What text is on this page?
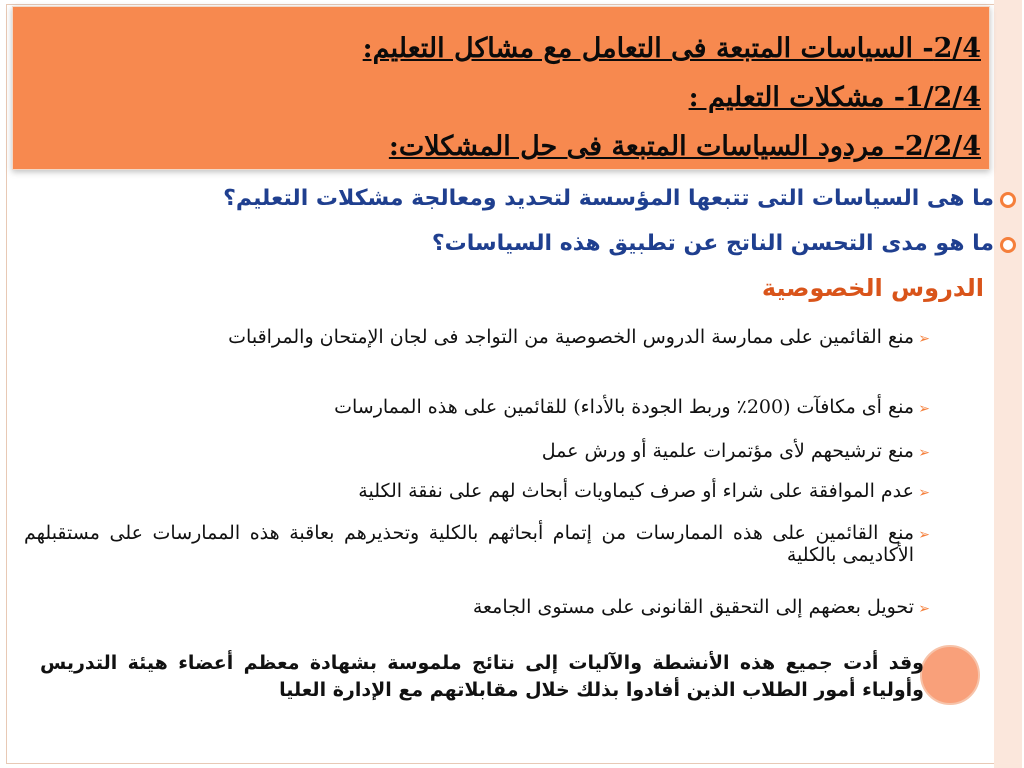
2/4- السياسات المتبعة فى التعامل مع مشاكل التعليم:
1/2/4- مشكلات التعليم :
2/2/4- مردود السياسات المتبعة فى حل المشكلات:
ما هى السياسات التى تتبعها المؤسسة لتحديد ومعالجة مشكلات التعليم؟
ما هو مدى التحسن الناتج عن تطبيق هذه السياسات؟
الدروس الخصوصية
➢
منع القائمين على ممارسة الدروس الخصوصية من التواجد فى لجان الإمتحان والمراقبات
➢
منع أى مكافآت (200٪ وربط الجودة بالأداء) للقائمين على هذه الممارسات
➢
منع ترشيحهم لأى مؤتمرات علمية أو ورش عمل
➢
عدم الموافقة على شراء أو صرف كيماويات أبحاث لهم على نفقة الكلية
➢
منع القائمين على هذه الممارسات من إتمام أبحاثهم بالكلية وتحذيرهم بعاقبة هذه الممارسات على مستقبلهم الأكاديمى بالكلية
➢
تحويل بعضهم إلى التحقيق القانونى على مستوى الجامعة
وقد أدت جميع هذه الأنشطة والآليات إلى نتائج ملموسة بشهادة معظم أعضاء هيئة التدريس وأولياء أمور الطلاب الذين أفادوا بذلك خلال مقابلاتهم مع الإدارة العليا
